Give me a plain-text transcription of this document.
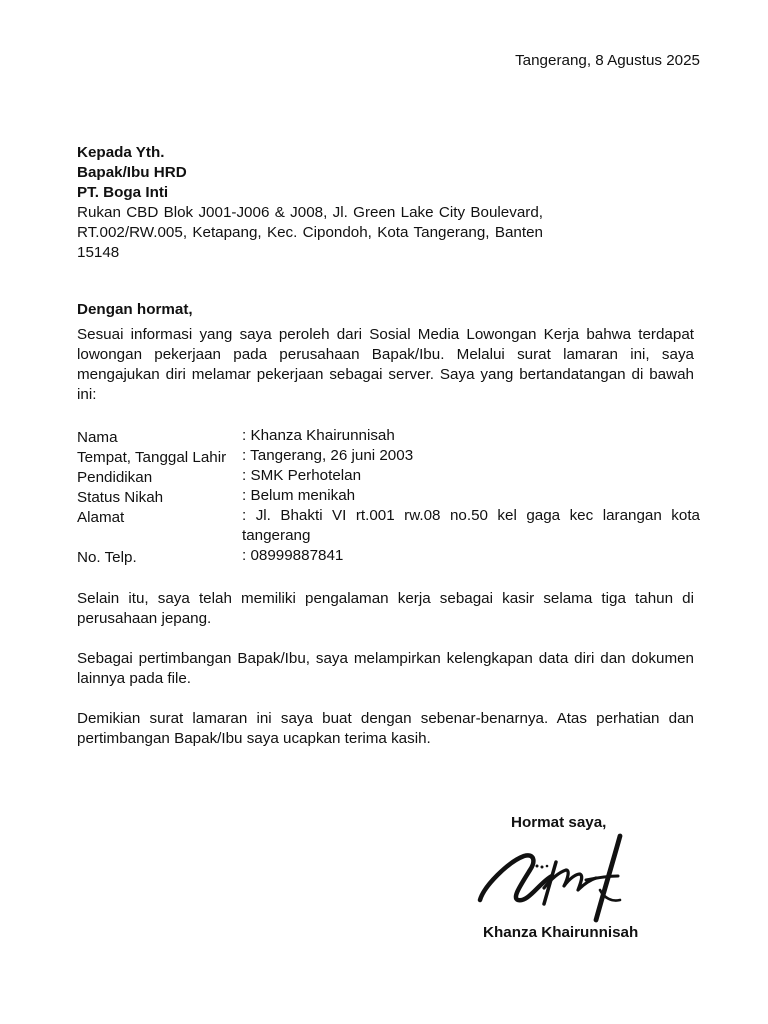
Tangerang, 8 Agustus 2025
Kepada Yth.
Bapak/Ibu HRD
PT. Boga Inti
Rukan CBD Blok J001-J006 & J008, Jl. Green Lake City Boulevard, RT.002/RW.005, Ketapang, Kec. Cipondoh, Kota Tangerang, Banten 15148
Dengan hormat,
Sesuai informasi yang saya peroleh dari Sosial Media Lowongan Kerja bahwa terdapat lowongan pekerjaan pada perusahaan Bapak/Ibu. Melalui surat lamaran ini, saya mengajukan diri melamar pekerjaan sebagai server. Saya yang bertandatangan di bawah ini:
Nama	: Khanza Khairunnisah
Tempat, Tanggal Lahir : Tangerang, 26 juni 2003
Pendidikan	: SMK Perhotelan
Status Nikah	: Belum menikah
Alamat	: Jl. Bhakti VI rt.001 rw.08 no.50 kel gaga kec larangan kota tangerang
No. Telp.	: 08999887841
Selain itu, saya telah memiliki pengalaman kerja sebagai kasir selama tiga tahun di perusahaan jepang.
Sebagai pertimbangan Bapak/Ibu, saya melampirkan kelengkapan data diri dan dokumen lainnya pada file.
Demikian surat lamaran ini saya buat dengan sebenar-benarnya. Atas perhatian dan pertimbangan Bapak/Ibu saya ucapkan terima kasih.
Hormat saya,
Khanza Khairunnisah
